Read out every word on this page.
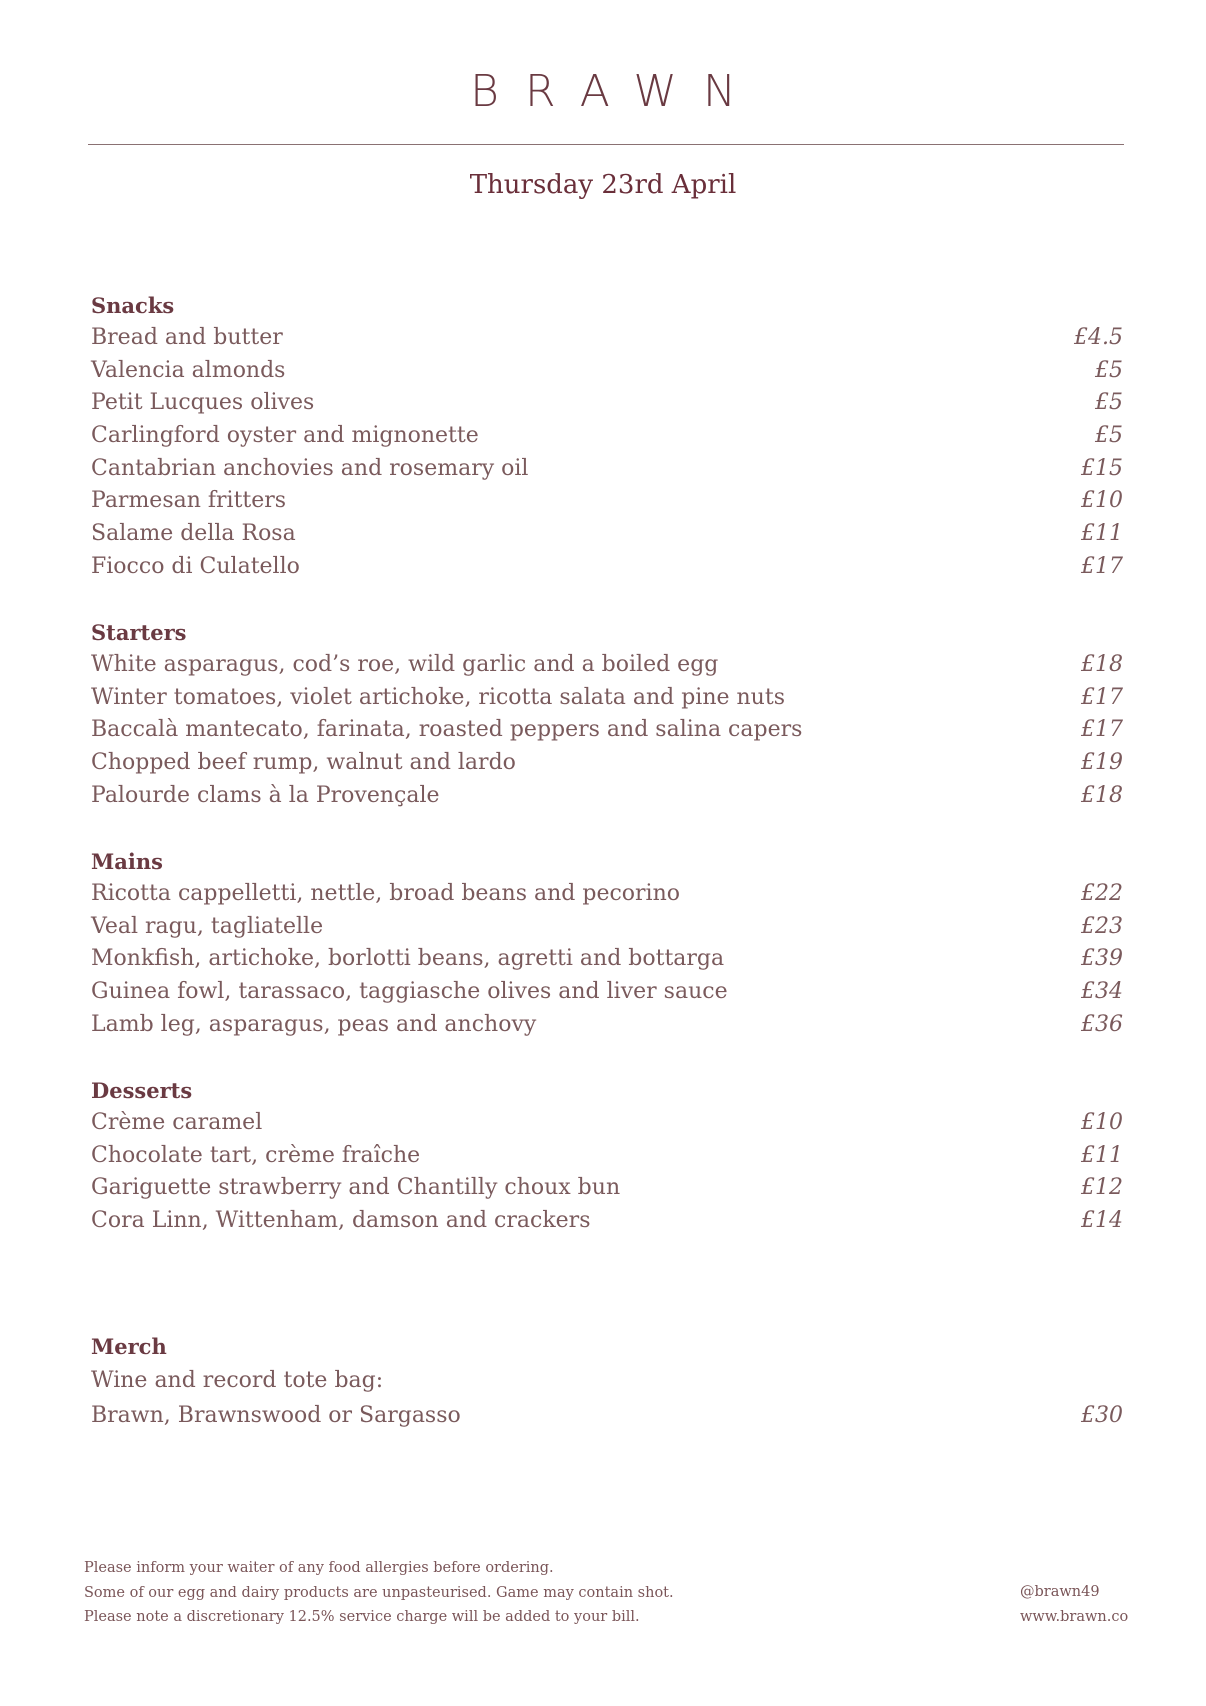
BRAWN
Thursday 23rd April
Snacks
Bread and butter	£4.5
Valencia almonds	£5
Petit Lucques olives	£5
Carlingford oyster and mignonette	£5
Cantabrian anchovies and rosemary oil	£15
Parmesan fritters	£10
Salame della Rosa	£11
Fiocco di Culatello	£17
Starters
White asparagus, cod’s roe, wild garlic and a boiled egg	£18
Winter tomatoes, violet artichoke, ricotta salata and pine nuts	£17
Baccalà mantecato, farinata, roasted peppers and salina capers	£17
Chopped beef rump, walnut and lardo	£19
Palourde clams à la Provençale	£18
Mains
Ricotta cappelletti, nettle, broad beans and pecorino	£22
Veal ragu, tagliatelle	£23
Monkfish, artichoke, borlotti beans, agretti and bottarga	£39
Guinea fowl, tarassaco, taggiasche olives and liver sauce	£34
Lamb leg, asparagus, peas and anchovy	£36
Desserts
Crème caramel	£10
Chocolate tart, crème fraîche	£11
Gariguette strawberry and Chantilly choux bun	£12
Cora Linn, Wittenham, damson and crackers	£14
Merch
Wine and record tote bag:
Brawn, Brawnswood or Sargasso	£30
Please inform your waiter of any food allergies before ordering.
Some of our egg and dairy products are unpasteurised. Game may contain shot.
Please note a discretionary 12.5% service charge will be added to your bill.
@brawn49
www.brawn.co
